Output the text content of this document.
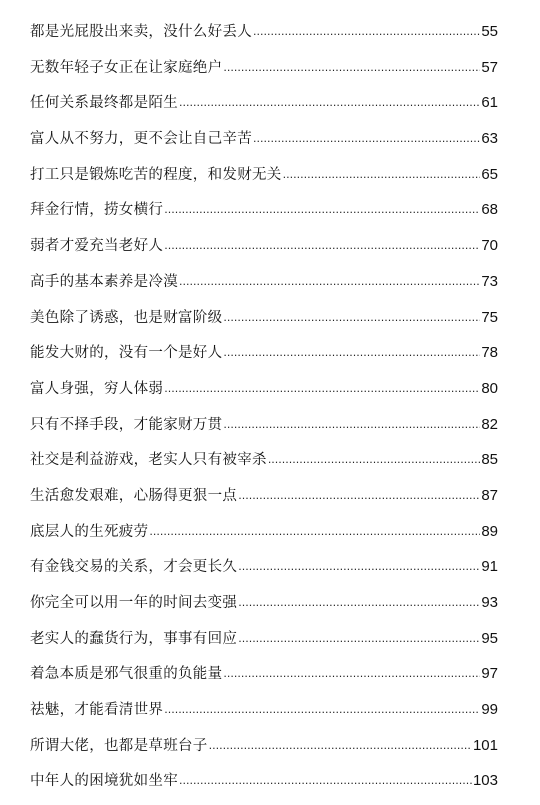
都是光屁股出来卖，没什么好丢人 .....	55
无数年轻子女正在让家庭绝户 .....	57
任何关系最终都是陌生 .....	61
富人从不努力，更不会让自己辛苦 .....	63
打工只是锻炼吃苦的程度，和发财无关 .....	65
拜金行情，捞女横行 .....	68
弱者才爱充当老好人 .....	70
高手的基本素养是冷漠 .....	73
美色除了诱惑，也是财富阶级 .....	75
能发大财的，没有一个是好人 .....	78
富人身强，穷人体弱 .....	80
只有不择手段，才能家财万贯 .....	82
社交是利益游戏，老实人只有被宰杀 .....	85
生活愈发艰难，心肠得更狠一点 .....	87
底层人的生死疲劳 .....	89
有金钱交易的关系，才会更长久 .....	91
你完全可以用一年的时间去变强 .....	93
老实人的蠢货行为，事事有回应 .....	95
着急本质是邪气很重的负能量 .....	97
祛魅，才能看清世界 .....	99
所谓大佬，也都是草班台子 .....	101
中年人的困境犹如坐牢 .....	103
